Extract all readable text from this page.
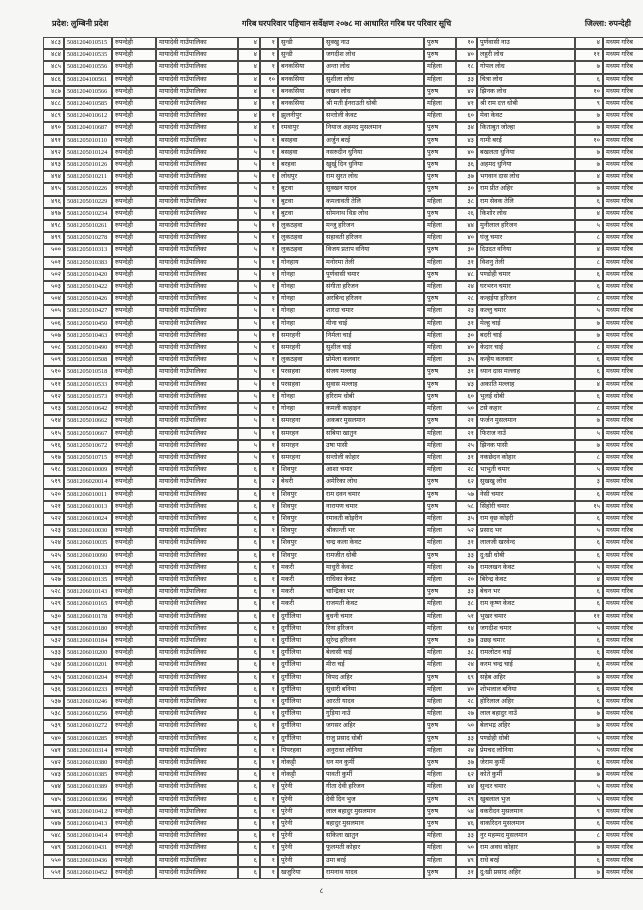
प्रदेश: लुम्बिनी प्रदेश	गरिब घरपरिवार पहिचान सर्वेक्षण २०७८ मा आधारित गरिब घर परिवार सूचि	जिल्ला: रुपन्देही
४८३	5081204010515	रुपन्देही	मायादेवी गाउँपालिका	४	१	सुन्डी	सुक्खु नाउ	पुरुष	१०	पुर्णवासी नाउ	४	मध्यम गरिब
४८४	5081204010535	रुपन्देही	मायादेवी गाउँपालिका	४	१	सुन्डी	जगदीश लोध	पुरुष	४०	लहुरी लोध	११	मध्यम गरिब
४८५	5081204010556	रुपन्देही	मायादेवी गाउँपालिका	४	१	बनकसिया	अन्ता लोध	महिला	१८	गोपल लोध	७	मध्यम गरिब
४८६	5081204100561	रुपन्देही	मायादेवी गाउँपालिका	४	१०	बनकसिया	सुशीला लोध	महिला	३३	चित्रा लोध	६	मध्यम गरिब
४८७	5081204010566	रुपन्देही	मायादेवी गाउँपालिका	४	१	बनकसिया	लखन लोध	पुरुष	४२	झिनक लोध	१०	मध्यम गरिब
४८८	5081204010585	रुपन्देही	मायादेवी गाउँपालिका	४	१	बनकसिया	श्री मती ईनराउती धोबी	महिला	४१	श्री राम दत्त धोबी	९	मध्यम गरिब
४८९	5081204010612	रुपन्देही	मायादेवी गाउँपालिका	४	१	झुलनीपुर	सन्तोली केवट	महिला	६०	मेवा केवट	७	मध्यम गरिब
४९०	5081204010687	रुपन्देही	मायादेवी गाउँपालिका	४	१	रमवापुर	नियाज अहमद मुसलमान	पुरुष	३४	किताबुत जोल्हा	७	मध्यम गरिब
४९१	5081205010110	रुपन्देही	मायादेवी गाउँपालिका	५	१	बसहवा	अर्जुन बरई	पुरुष	४३	गामी बरई	१०	मध्यम गरिब
४९२	5081205010124	रुपन्देही	मायादेवी गाउँपालिका	५	१	बसहवा	नसरुदीन धुनिया	पुरुष	४०	बखलता धुनिया	७	मध्यम गरिब
४९३	5081205010126	रुपन्देही	मायादेवी गाउँपालिका	५	१	बरहवा	खुर्खु दिन धुनिया	पुरुष	३६	अहमद धुनिया	७	मध्यम गरिब
४९४	5081205010211	रुपन्देही	मायादेवी गाउँपालिका	५	१	लोधपुर	राम सुरत लोध	पुरुष	३७	भगवान दास लोध	४	मध्यम गरिब
४९५	5081205010226	रुपन्देही	मायादेवी गाउँपालिका	५	१	बुटवा	सुक्खन यादव	पुरुष	३०	राम प्रीत अहिर	७	मध्यम गरिब
४९६	5081205010229	रुपन्देही	मायादेवी गाउँपालिका	५	१	बुटवा	कमलावती तेलि	महिला	३८	राम सेवक तेलि	६	मध्यम गरिब
४९७	5081205010234	रुपन्देही	मायादेवी गाउँपालिका	५	१	बुटवा	सोमनाथ थिङ लोध	पुरुष	२६	किशोर लोध	४	मध्यम गरिब
४९८	5081205010261	रुपन्देही	मायादेवी गाउँपालिका	५	१	लुकठहवा	मन्जु हरिजन	महिला	४४	मुनीलाल हरिजन	५	मध्यम गरिब
४९९	5081205010278	रुपन्देही	मायादेवी गाउँपालिका	५	१	लुकठहवा	सहावती हरिजन	महिला	४०	घंजु चमार	८	मध्यम गरिब
५००	5081205010313	रुपन्देही	मायादेवी गाउँपालिका	५	१	लुकठहवा	विजय प्रताप वनिया	पुरुष	३०	दिउदत वनिया	४	मध्यम गरिब
५०१	5081205010383	रुपन्देही	मायादेवी गाउँपालिका	५	१	गोनहाय	मनोरमा तेली	महिला	३१	विशनु तेली	८	मध्यम गरिब
५०२	5081205010420	रुपन्देही	मायादेवी गाउँपालिका	५	१	गोनहा	पूर्णवासी चमार	पुरुष	४८	पण्डोही चमार	६	मध्यम गरिब
५०३	5081205010422	रुपन्देही	मायादेवी गाउँपालिका	५	१	गोनहा	संगीता हरिजन	महिला	२४	घरभरन चमार	६	मध्यम गरिब
५०४	5081205010426	रुपन्देही	मायादेवी गाउँपालिका	५	१	गोनहा	अरबिन्द हरिजन	पुरुष	२८	कन्हईया हरिजन	८	मध्यम गरिब
५०५	5081205010427	रुपन्देही	मायादेवी गाउँपालिका	५	१	गोनहा	शारदा चमार	महिला	२३	कल्लु चमार	५	मध्यम गरिब
५०६	5081205010450	रुपन्देही	मायादेवी गाउँपालिका	५	१	गोनहा	मीना चाई	महिला	३१	मेल्हु चाई	७	मध्यम गरिब
५०७	5081205010463	रुपन्देही	मायादेवी गाउँपालिका	५	१	समरहनी	निर्मला चाई	महिला	३०	बदरी चाई	७	मध्यम गरिब
५०८	5081205010490	रुपन्देही	मायादेवी गाउँपालिका	५	१	समरहनी	सुशील चाई	महिला	४०	केदार चाई	८	मध्यम गरिब
५०९	5081205010508	रुपन्देही	मायादेवी गाउँपालिका	५	१	लुकठहवा	प्रोमेला कलवार	महिला	३५	कन्हैय कलवार	६	मध्यम गरिब
५१०	5081205010518	रुपन्देही	मायादेवी गाउँपालिका	५	१	परसहवा	संजय मल्लाह	पुरुष	३१	ध्यान दास मल्लाह	६	मध्यम गरिब
५११	5081205010533	रुपन्देही	मायादेवी गाउँपालिका	५	१	परसहवा	सुवास मल्लाह	पुरुष	४३	अकाति मल्लाह	४	मध्यम गरिब
५१२	5081205010573	रुपन्देही	मायादेवी गाउँपालिका	५	१	गोनहा	हरिराम धोबी	पुरुष	६०	भुलई धोबी	६	मध्यम गरिब
५१३	5081205010642	रुपन्देही	मायादेवी गाउँपालिका	५	१	गोनहा	कमली काहाइन	महिला	५०	टसे कहार	८	मध्यम गरिब
५१४	5081205010662	रुपन्देही	मायादेवी गाउँपालिका	५	१	समरहना	अकबर मुसलमान	पुरुष	२१	फर्जन मुसलमान	७	मध्यम गरिब
५१५	5081205010667	रुपन्देही	मायादेवी गाउँपालिका	५	१	समरहन	सबिया खातुन	महिला	२१	फिराज नाउँ	५	मध्यम गरिब
५१६	5081205010672	रुपन्देही	मायादेवी गाउँपालिका	५	१	समरहन	उषा पासी	महिला	२५	झिनक पासी	७	मध्यम गरिब
५१७	5081205010715	रुपन्देही	मायादेवी गाउँपालिका	५	१	समरहना	सन्तोली कोहार	महिला	३१	नकछेदन कोहार	८	मध्यम गरिब
५१८	5081206010009	रुपन्देही	मायादेवी गाउँपालिका	६	१	शिवपुर	आशा चमार	महिला	२८	भाभुती चमार	५	मध्यम गरिब
५१९	5081206020014	रुपन्देही	मायादेवी गाउँपालिका	६	२	बेथरी	अमेरिका लोध	पुरुष	६२	सुखखु लोध	३	मध्यम गरिब
५२०	5081206010011	रुपन्देही	मायादेवी गाउँपालिका	६	१	शिवपुर	राम दवन चमार	पुरुष	५७	नेसी चमार	६	मध्यम गरिब
५२१	5081206010013	रुपन्देही	मायादेवी गाउँपालिका	६	१	शिवपुर	नारायण चमार	पुरुष	५८	सिंहोरी चमार	१५	मध्यम गरिब
५२२	5081206010024	रुपन्देही	मायादेवी गाउँपालिका	६	१	शिवपुर	रमावती कोइरीन	महिला	३५	राम वृछ कोइरी	६	मध्यम गरिब
५२३	5081206010030	रुपन्देही	मायादेवी गाउँपालिका	६	१	शिवपुर	श्रीकान्ती भर	महिला	५२	प्रसाद भर	५	मध्यम गरिब
५२४	5081206010035	रुपन्देही	मायादेवी गाउँपालिका	६	१	शिवपुर	चन्द्र कला केवट	महिला	३१	लालजी खरवेन्द	६	मध्यम गरिब
५२५	5081206010090	रुपन्देही	मायादेवी गाउँपालिका	६	१	शिवपुर	रामजीत धोबी	पुरुष	३३	दु:खी धोबी	६	मध्यम गरिब
५२६	5081206010133	रुपन्देही	मायादेवी गाउँपालिका	६	१	मकरी	माधुरी केवट	महिला	२७	रामलखन केवट	५	मध्यम गरिब
५२७	5081206010135	रुपन्देही	मायादेवी गाउँपालिका	६	१	मकरी	राधिका केवट	महिला	२०	बिरेन्द्र केवट	४	मध्यम गरिब
५२८	5081206010143	रुपन्देही	मायादेवी गाउँपालिका	६	१	मकरी	चान्द्रिका भर	पुरुष	३३	बेचन भर	६	मध्यम गरिब
५२९	5081206010165	रुपन्देही	मायादेवी गाउँपालिका	६	१	मकरी	राजमती केवट	महिला	३८	राम कृष्ण केवट	६	मध्यम गरिब
५३०	5081206010178	रुपन्देही	मायादेवी गाउँपालिका	६	१	दुर्गौलिया	बुधनी चमार	महिला	५१	भुखर चमार	११	मध्यम गरिब
५३१	5081206010180	रुपन्देही	मायादेवी गाउँपालिका	६	१	दुर्गौलिया	रिना हरिजन	महिला	१४	जगदीश चमार	५	मध्यम गरिब
५३२	5081206010184	रुपन्देही	मायादेवी गाउँपालिका	६	१	दुर्गौलिया	सुरेन्द्र हरिजन	पुरुष	३७	उछइ चमार	६	मध्यम गरिब
५३३	5081206010200	रुपन्देही	मायादेवी गाउँपालिका	६	१	दुर्गौलिया	बेलासी चाई	महिला	३८	रामलोटन चाई	६	मध्यम गरिब
५३४	5081206010201	रुपन्देही	मायादेवी गाउँपालिका	६	१	दुर्गौलिया	मीरा चई	महिला	२४	करम चन्द्र चाई	६	मध्यम गरिब
५३५	5081206010204	रुपन्देही	मायादेवी गाउँपालिका	६	१	दुर्गौलिया	विपद अहिर	पुरुष	६९	सहेब अहिर	७	मध्यम गरिब
५३६	5081206010233	रुपन्देही	मायादेवी गाउँपालिका	६	१	दुर्गौलिया	सुधारी बनिया	महिला	४०	शोभलाल बनिया	६	मध्यम गरिब
५३७	5081206010246	रुपन्देही	मायादेवी गाउँपालिका	६	१	दुर्गौलिया	आरती यादव	महिला	२८	होरिलाल अहिर	६	मध्यम गरिब
५३८	5081206010256	रुपन्देही	मायादेवी गाउँपालिका	६	१	दुर्गौलिया	गुड़िया नाउँ	महिला	२७	लाल बहादुर नाउँ	७	मध्यम गरिब
५३९	5081206010272	रुपन्देही	मायादेवी गाउँपालिका	६	१	दुर्गौलिया	जगसर अहिर	पुरुष	५०	बेलभद्र अहिर	७	मध्यम गरिब
५४०	5081206010285	रुपन्देही	मायादेवी गाउँपालिका	६	१	दुर्गौलिया	राजु प्रसाद धोबी	पुरुष	३३	पण्डोही धोबी	५	मध्यम गरिब
५४१	5081206010314	रुपन्देही	मायादेवी गाउँपालिका	६	१	पिपरहवा	अनुराधा लोनिया	महिला	२४	प्रेमचद लोनिया	५	मध्यम गरिब
५४२	5081206010380	रुपन्देही	मायादेवी गाउँपालिका	६	१	नोकट्टी	धन मन कुर्मी	पुरुष	३७	जेराम कुर्मी	६	मध्यम गरिब
५४३	5081206010385	रुपन्देही	मायादेवी गाउँपालिका	६	१	नोकट्टी	पावती कुर्मी	महिला	६२	कोते कुर्मी	७	मध्यम गरिब
५४४	5081206010389	रुपन्देही	मायादेवी गाउँपालिका	६	१	पुरेनी	गीता देवी हरिजन	महिला	४४	सुन्दर चमार	५	मध्यम गरिब
५४५	5081206010396	रुपन्देही	मायादेवी गाउँपालिका	६	१	पुरेनी	देवी दिन भुज	पुरुष	२९	खुबलाल भुज	५	मध्यम गरिब
५४६	5081206010412	रुपन्देही	मायादेवी गाउँपालिका	६	१	पुरेनी	लाल बहादुर मुसलमान	पुरुष	५४	वकरीदन मुसलमान	९	मध्यम गरिब
५४७	5081206010413	रुपन्देही	मायादेवी गाउँपालिका	६	१	पुरेनी	बहादुर मुसलमान	पुरुष	४६	वाकरिदन मुसलमान	६	मध्यम गरिब
५४८	5081206010414	रुपन्देही	मायादेवी गाउँपालिका	६	१	पुरेनी	सकिला खातुन	महिला	३३	नुर महम्मद मुसलमान	८	मध्यम गरिब
५४९	5081206010431	रुपन्देही	मायादेवी गाउँपालिका	६	१	पुरेनी	फूलमती कोहार	महिला	५०	राम अवध कोहार	७	मध्यम गरिब
५५०	5081206010436	रुपन्देही	मायादेवी गाउँपालिका	६	१	पुरेनी	उमा बरई	महिला	४९	राधे बरई	६	मध्यम गरिब
५५१	5081206010452	रुपन्देही	मायादेवी गाउँपालिका	६	१	खजुरिया	रामनाथ यादव	पुरुष	३१	दु:खी प्रसाद अहिर	७	मध्यम गरिब
८
